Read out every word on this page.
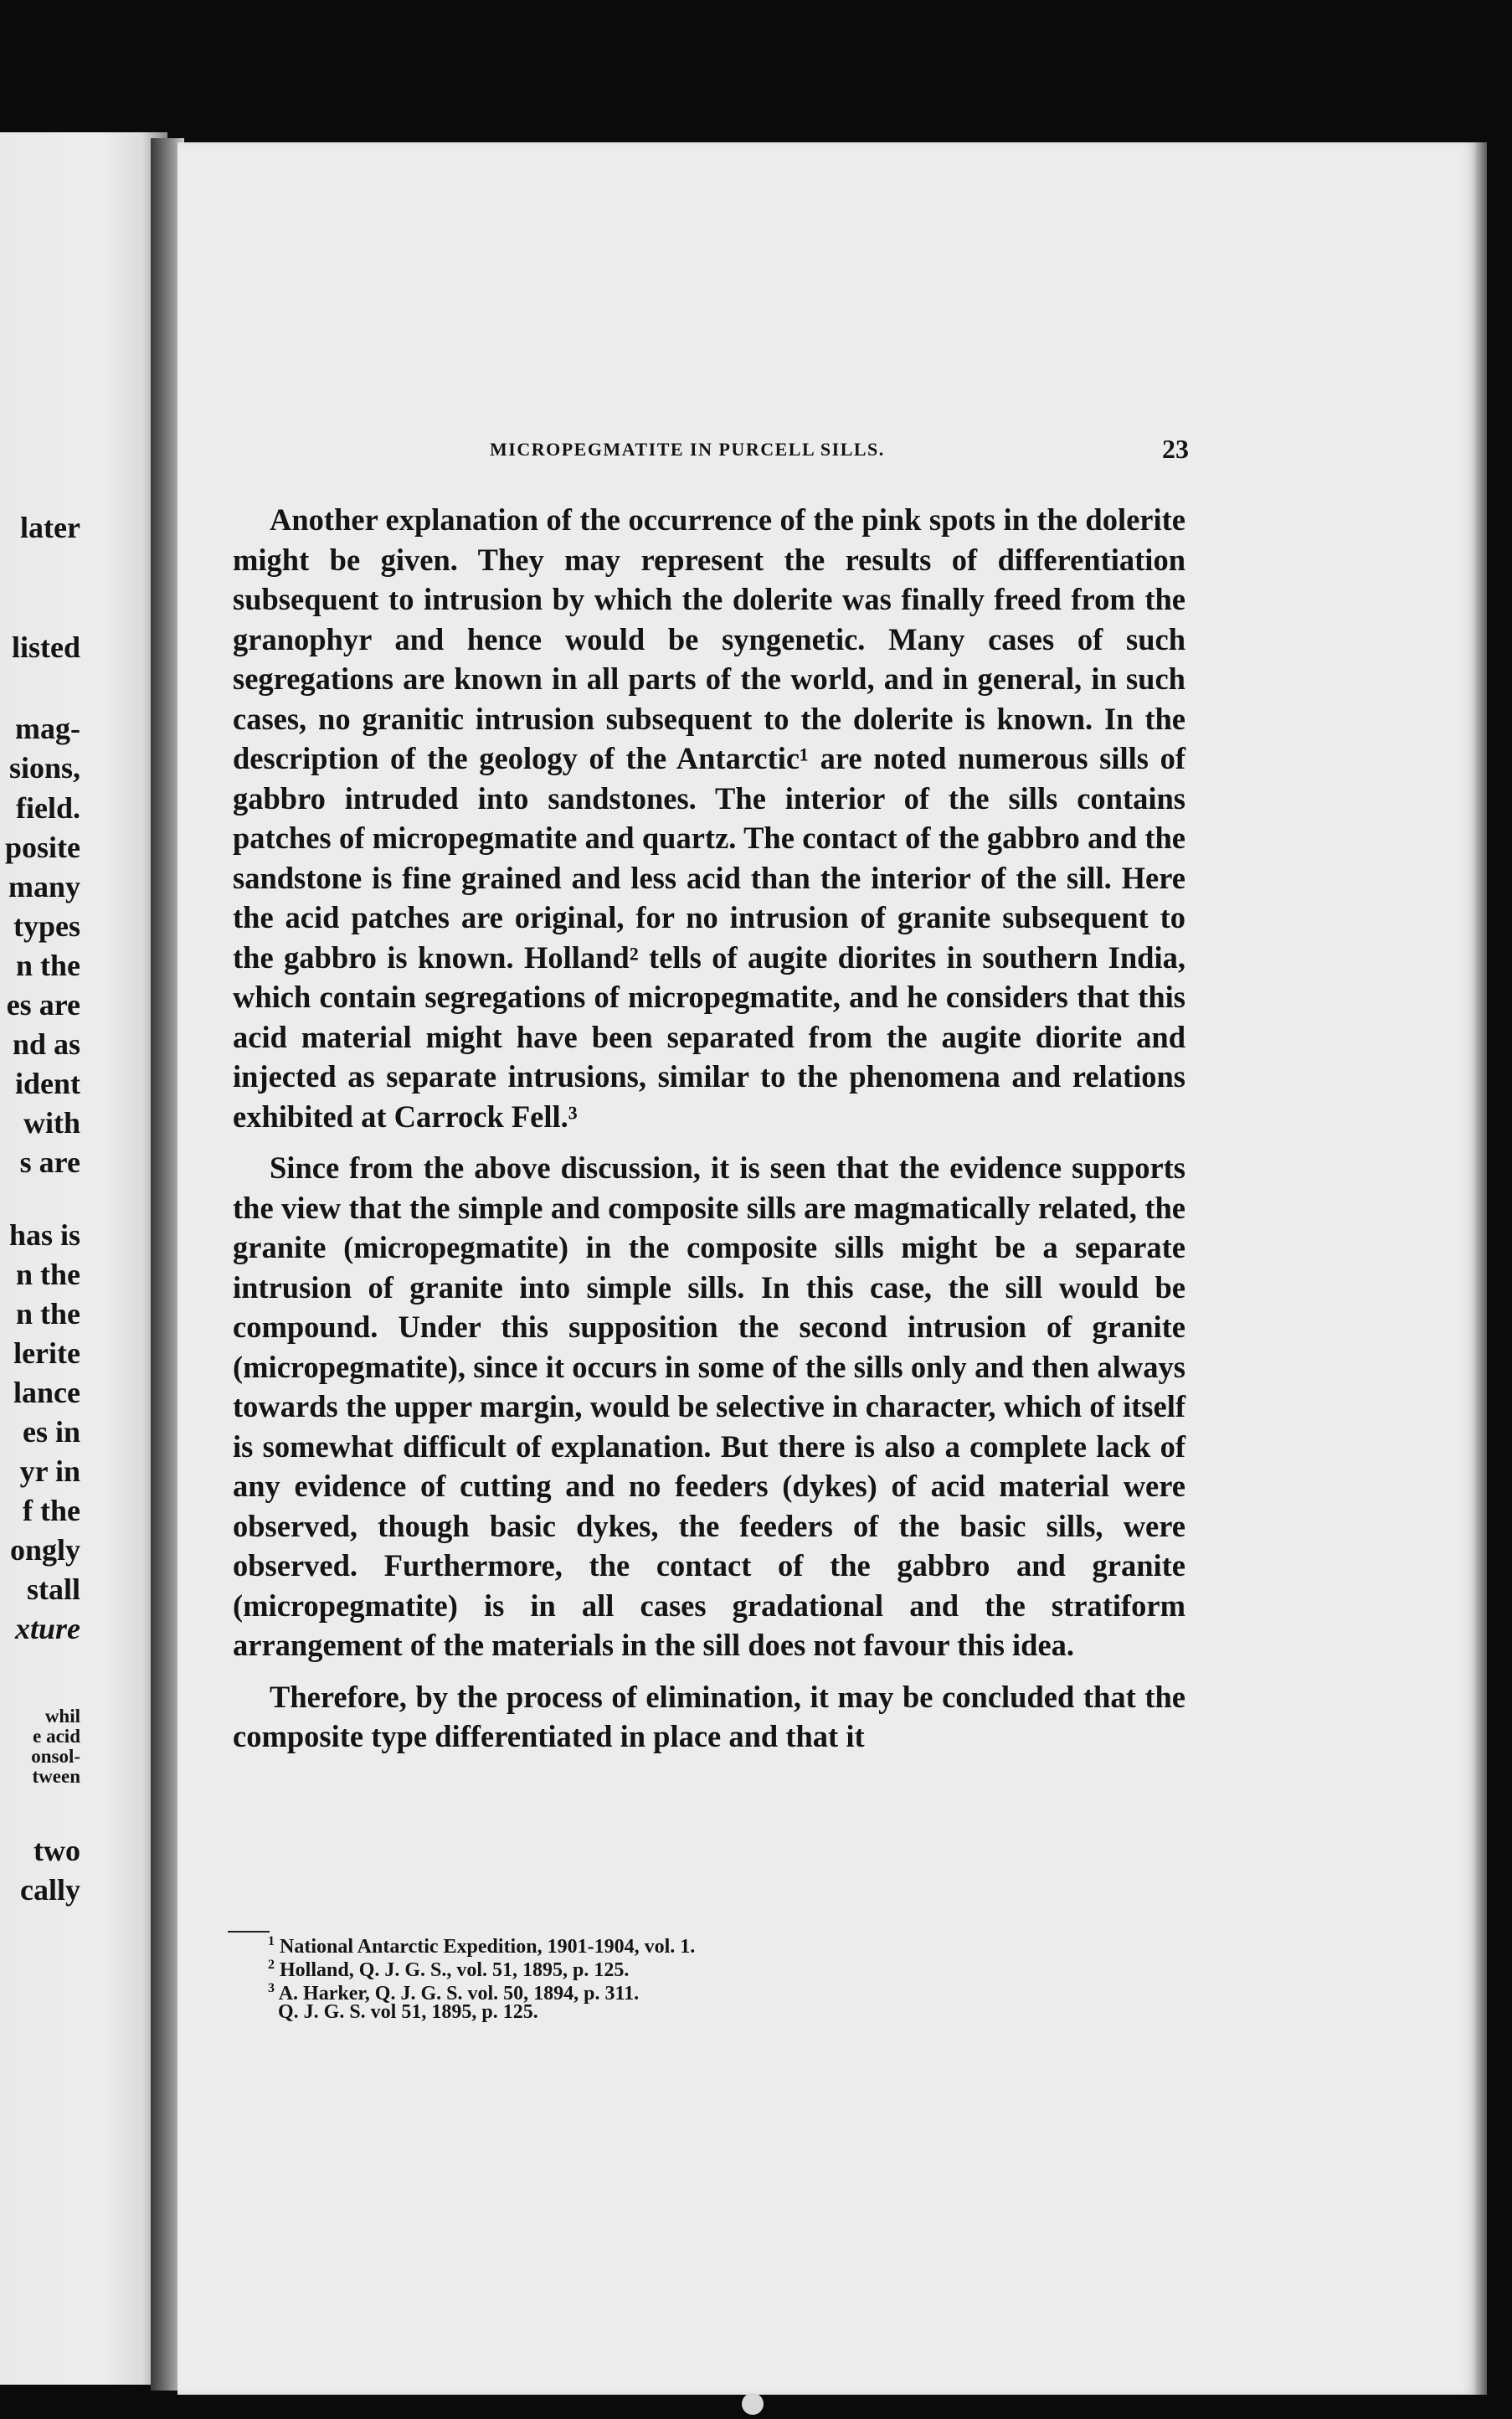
later
listed
mag-
sions,
field.
posite
many
types
n the
es are
nd as
ident
with
s are
has is
n the
n the
lerite
lance
es in
yr in
f the
ongly
stall
xture
whil
e acid
onsol-
tween
two
cally
MICROPEGMATITE IN PURCELL SILLS.	23

Another explanation of the occurrence of the pink spots in the dolerite might be given. They may represent the results of differentiation subsequent to intrusion by which the dolerite was finally freed from the granophyr and hence would be syngenetic. Many cases of such segregations are known in all parts of the world, and in general, in such cases, no granitic intrusion subsequent to the dolerite is known. In the description of the geology of the Antarctic¹ are noted numerous sills of gabbro intruded into sandstones. The interior of the sills contains patches of micropegmatite and quartz. The contact of the gabbro and the sandstone is fine grained and less acid than the interior of the sill. Here the acid patches are original, for no intrusion of granite subsequent to the gabbro is known. Holland² tells of augite diorites in southern India, which contain segregations of micropegmatite, and he considers that this acid material might have been separated from the augite diorite and injected as separate intrusions, similar to the phenomena and relations exhibited at Carrock Fell.³

Since from the above discussion, it is seen that the evidence supports the view that the simple and composite sills are magmatically related, the granite (micropegmatite) in the composite sills might be a separate intrusion of granite into simple sills. In this case, the sill would be compound. Under this supposition the second intrusion of granite (micropegmatite), since it occurs in some of the sills only and then always towards the upper margin, would be selective in character, which of itself is somewhat difficult of explanation. But there is also a complete lack of any evidence of cutting and no feeders (dykes) of acid material were observed, though basic dykes, the feeders of the basic sills, were observed. Furthermore, the contact of the gabbro and granite (micropegmatite) is in all cases gradational and the stratiform arrangement of the materials in the sill does not favour this idea.

Therefore, by the process of elimination, it may be concluded that the composite type differentiated in place and that it

$^1$ National Antarctic Expedition, 1901-1904, vol. 1.
$^2$ Holland, Q. J. G. S., vol. 51, 1895, p. 125.
$^3$ A. Harker, Q. J. G. S. vol. 50, 1894, p. 311.
Q. J. G. S. vol 51, 1895, p. 125.
